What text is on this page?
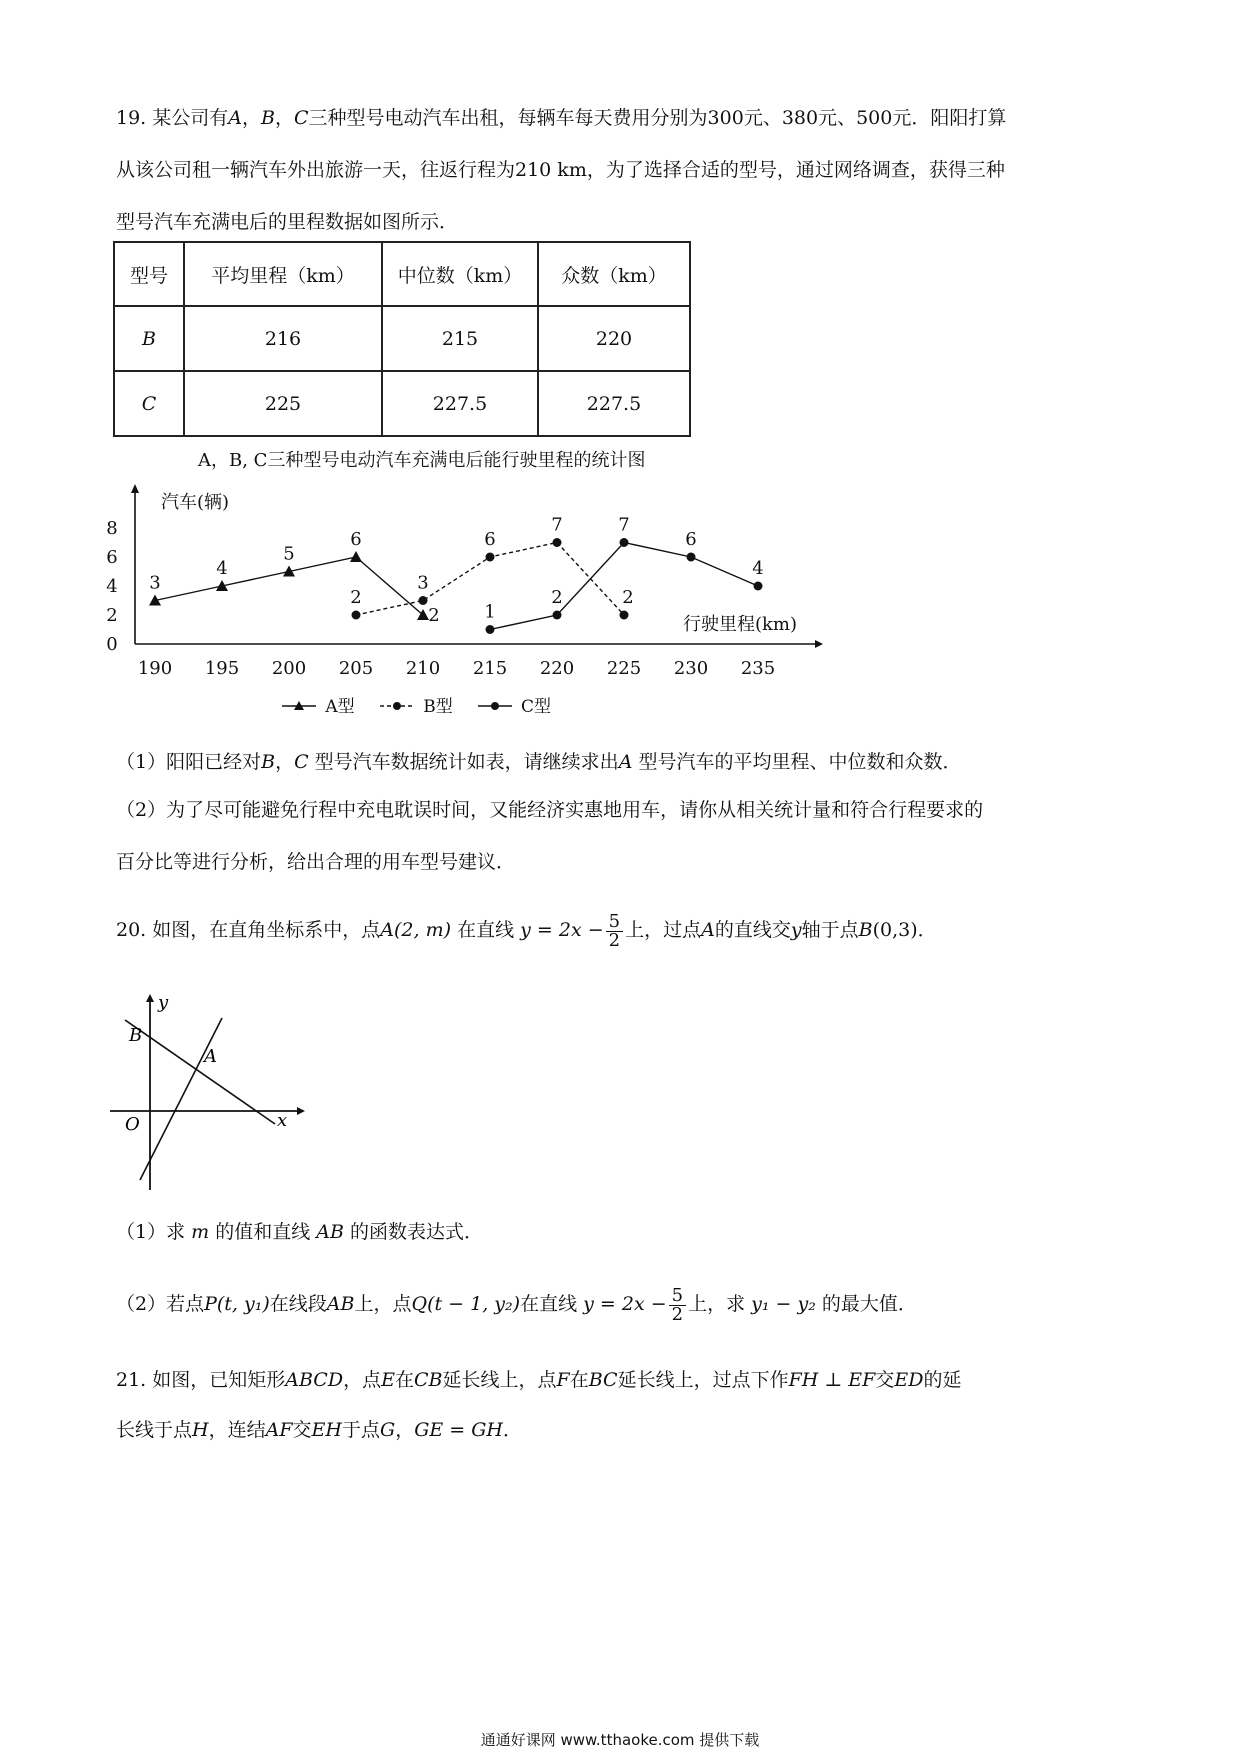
19. 某公司有A，B，C三种型号电动汽车出租，每辆车每天费用分别为300元、380元、500元．阳阳打算

从该公司租一辆汽车外出旅游一天，往返行程为210 km，为了选择合适的型号，通过网络调查，获得三种

型号汽车充满电后的里程数据如图所示．

型号	平均里程（km）	中位数（km）	众数（km）
B	216	215	220
C	225	227.5	227.5
A，B, C三种型号电动汽车充满电后能行驶里程的统计图
0
2
4
6
8
190 195 200 205 210 215 220 225 230 235
汽车(辆)
行驶里程(km)
3
4
5
6
2
2
3
6
7
2
1
2
7
6
4
A型	B型	C型

（1）阳阳已经对B，C 型号汽车数据统计如表，请继续求出A 型号汽车的平均里程、中位数和众数．

（2）为了尽可能避免行程中充电耽误时间，又能经济实惠地用车，请你从相关统计量和符合行程要求的

百分比等进行分析，给出合理的用车型号建议．

20. 如图，在直角坐标系中，点A(2, m) 在直线 $y = 2x - \frac{5}{2}$ 上，过点A的直线交y轴于点B(0,3)．

x
y
O
B
A

（1）求 m 的值和直线 AB 的函数表达式．

（2）若点P(t, y₁)在线段AB上，点Q(t − 1, y₂)在直线 $y = 2x - \frac{5}{2}$ 上，求 y₁ − y₂ 的最大值．

21. 如图，已知矩形ABCD，点E在CB延长线上，点F在BC延长线上，过点下作FH ⊥ EF交ED的延

长线于点H，连结AF交EH于点G，GE = GH．

通通好课网 www.tthaoke.com 提供下载
